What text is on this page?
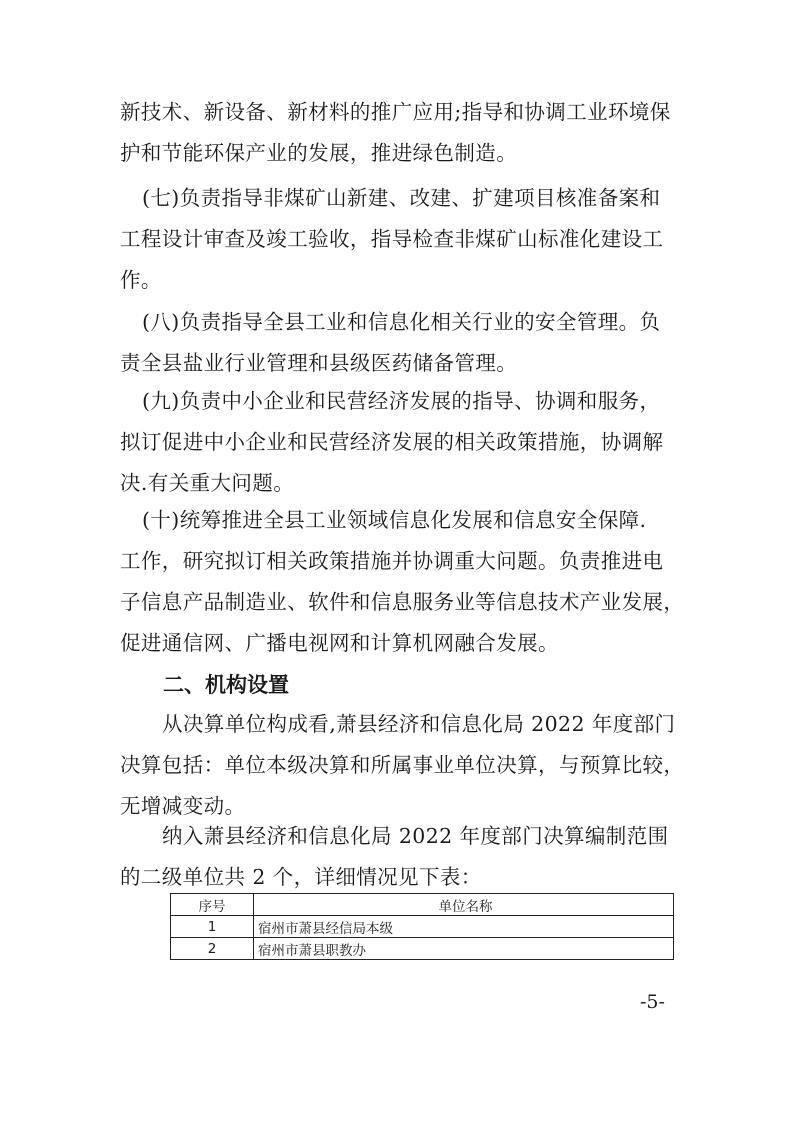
新技术、新设备、新材料的推广应用;指导和协调工业环境保
护和节能环保产业的发展，推进绿色制造。

(七)负责指导非煤矿山新建、改建、扩建项目核准备案和
工程设计审查及竣工验收，指导检查非煤矿山标准化建设工
作。

(八)负责指导全县工业和信息化相关行业的安全管理。负
责全县盐业行业管理和县级医药储备管理。

(九)负责中小企业和民营经济发展的指导、协调和服务，
拟订促进中小企业和民营经济发展的相关政策措施，协调解
决.有关重大问题。

(十)统筹推进全县工业领域信息化发展和信息安全保障.
工作，研究拟订相关政策措施并协调重大问题。负责推进电
子信息产品制造业、软件和信息服务业等信息技术产业发展，
促进通信网、广播电视网和计算机网融合发展。

二、机构设置

从决算单位构成看,萧县经济和信息化局 2022 年度部门
决算包括：单位本级决算和所属事业单位决算，与预算比较，
无增减变动。

纳入萧县经济和信息化局 2022 年度部门决算编制范围
的二级单位共 2 个，详细情况见下表：

序号	单位名称
1	宿州市萧县经信局本级
2	宿州市萧县职教办
-5-
